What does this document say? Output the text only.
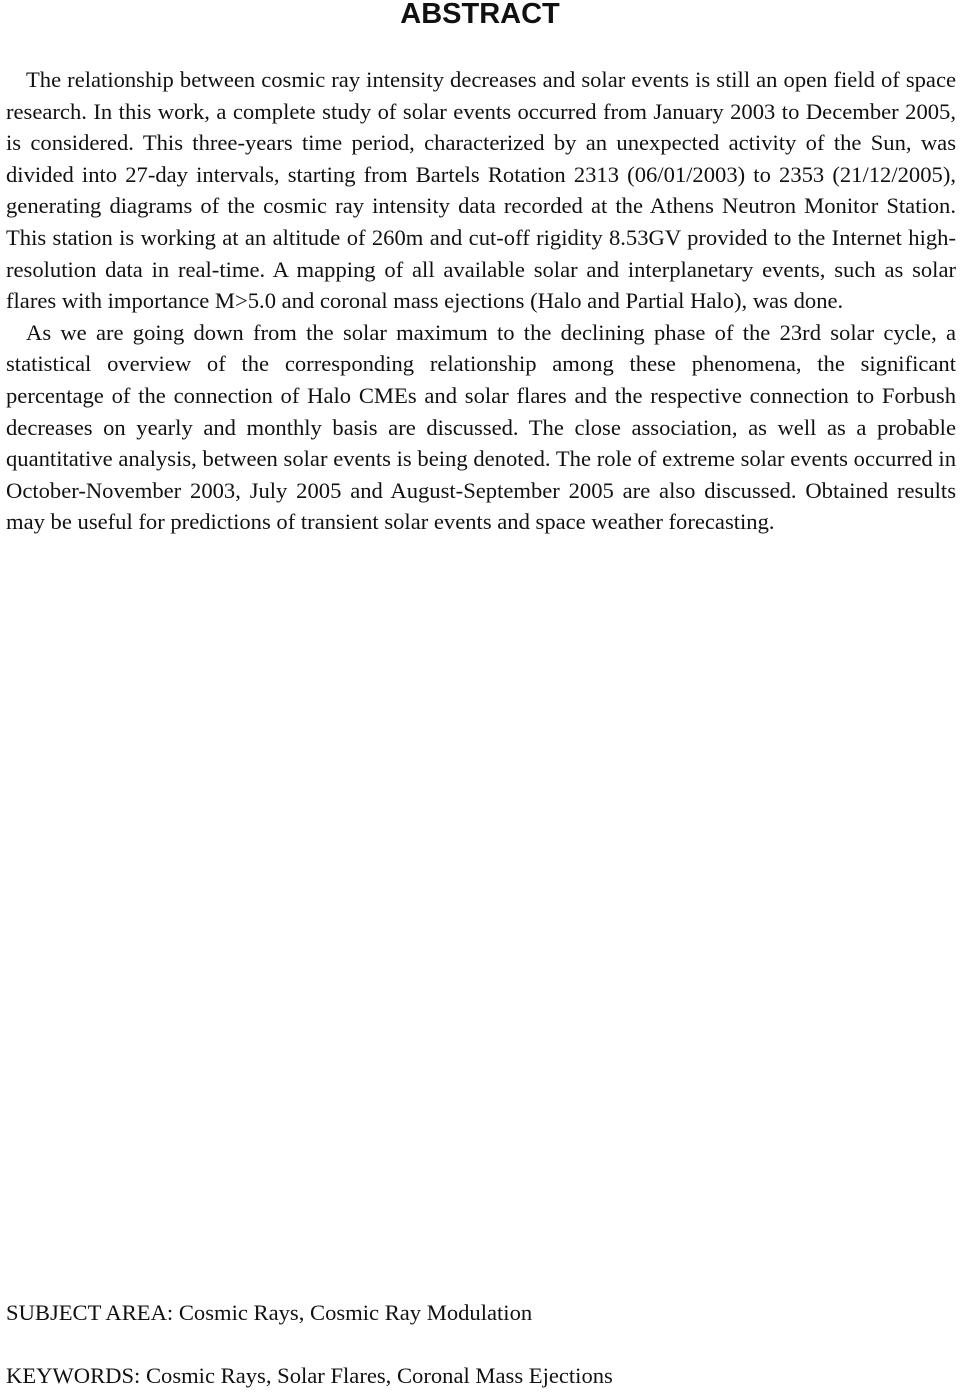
ABSTRACT

The relationship between cosmic ray intensity decreases and solar events is still an open field of space research. In this work, a complete study of solar events occurred from January 2003 to December 2005, is considered. This three-years time period, characterized by an unexpected activity of the Sun, was divided into 27-day intervals, starting from Bartels Rotation 2313 (06/01/2003) to 2353 (21/12/2005), generating diagrams of the cosmic ray intensity data recorded at the Athens Neutron Monitor Station. This station is working at an altitude of 260m and cut-off rigidity 8.53GV provided to the Internet high-resolution data in real-time. A mapping of all available solar and interplanetary events, such as solar flares with importance M>5.0 and coronal mass ejections (Halo and Partial Halo), was done.

As we are going down from the solar maximum to the declining phase of the 23rd solar cycle, a statistical overview of the corresponding relationship among these phenomena, the significant percentage of the connection of Halo CMEs and solar flares and the respective connection to Forbush decreases on yearly and monthly basis are discussed. The close association, as well as a probable quantitative analysis, between solar events is being denoted. The role of extreme solar events occurred in October-November 2003, July 2005 and August-September 2005 are also discussed. Obtained results may be useful for predictions of transient solar events and space weather forecasting.

SUBJECT AREA: Cosmic Rays, Cosmic Ray Modulation

KEYWORDS: Cosmic Rays, Solar Flares, Coronal Mass Ejections
